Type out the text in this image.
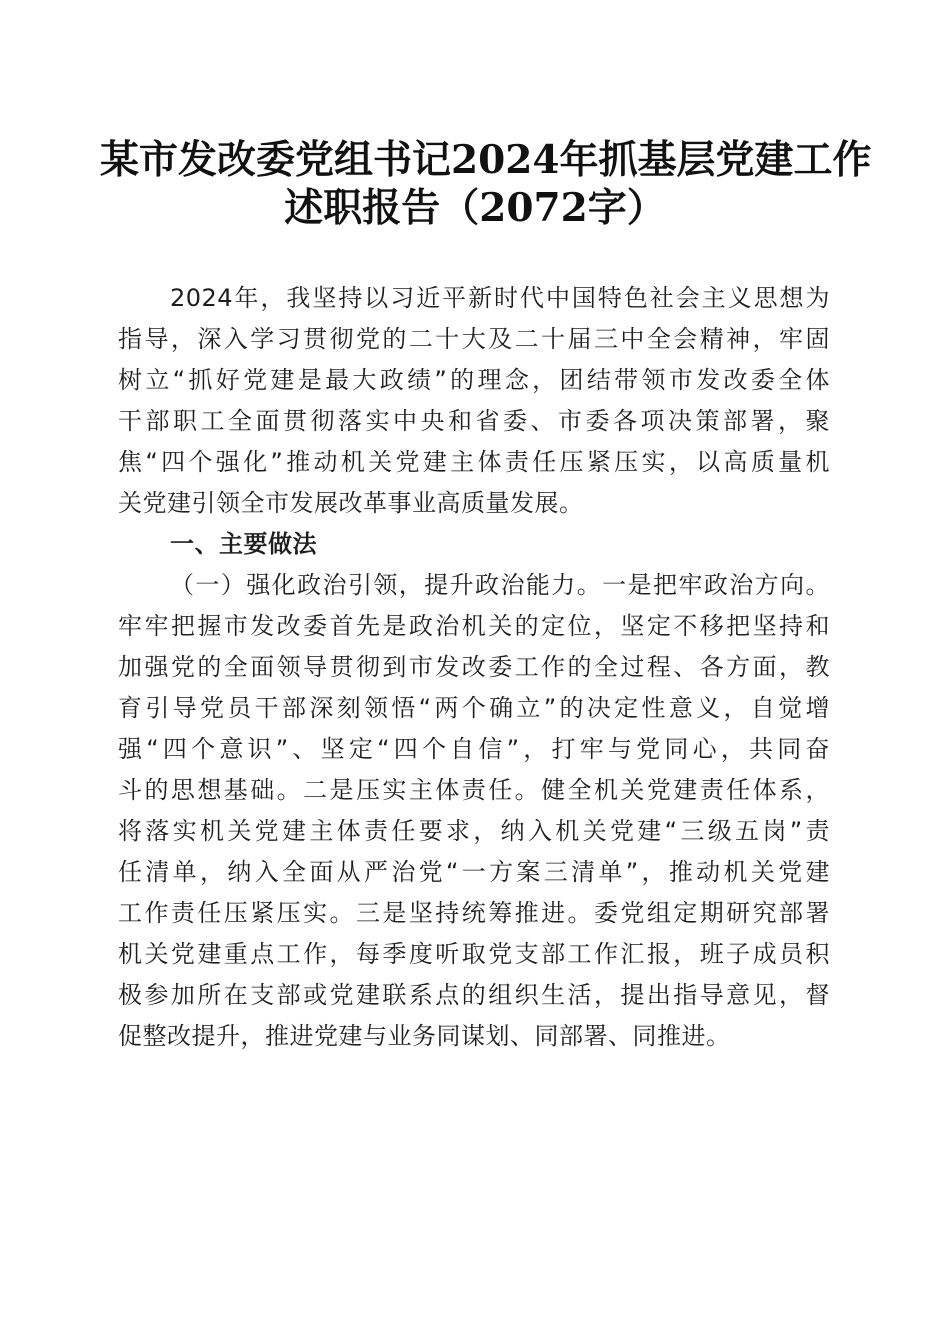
某市发改委党组书记2024年抓基层党建工作
述职报告（2072字）
2024年，我坚持以习近平新时代中国特色社会主义思想为
指导，深入学习贯彻党的二十大及二十届三中全会精神，牢固
树立“抓好党建是最大政绩”的理念，团结带领市发改委全体
干部职工全面贯彻落实中央和省委、市委各项决策部署，聚
焦“四个强化”推动机关党建主体责任压紧压实，以高质量机
关党建引领全市发展改革事业高质量发展。
一、主要做法
（一）强化政治引领，提升政治能力。一是把牢政治方向。
牢牢把握市发改委首先是政治机关的定位，坚定不移把坚持和
加强党的全面领导贯彻到市发改委工作的全过程、各方面，教
育引导党员干部深刻领悟“两个确立”的决定性意义，自觉增
强“四个意识”、坚定“四个自信”，打牢与党同心，共同奋
斗的思想基础。二是压实主体责任。健全机关党建责任体系，
将落实机关党建主体责任要求，纳入机关党建“三级五岗”责
任清单，纳入全面从严治党“一方案三清单”，推动机关党建
工作责任压紧压实。三是坚持统筹推进。委党组定期研究部署
机关党建重点工作，每季度听取党支部工作汇报，班子成员积
极参加所在支部或党建联系点的组织生活，提出指导意见，督
促整改提升，推进党建与业务同谋划、同部署、同推进。
